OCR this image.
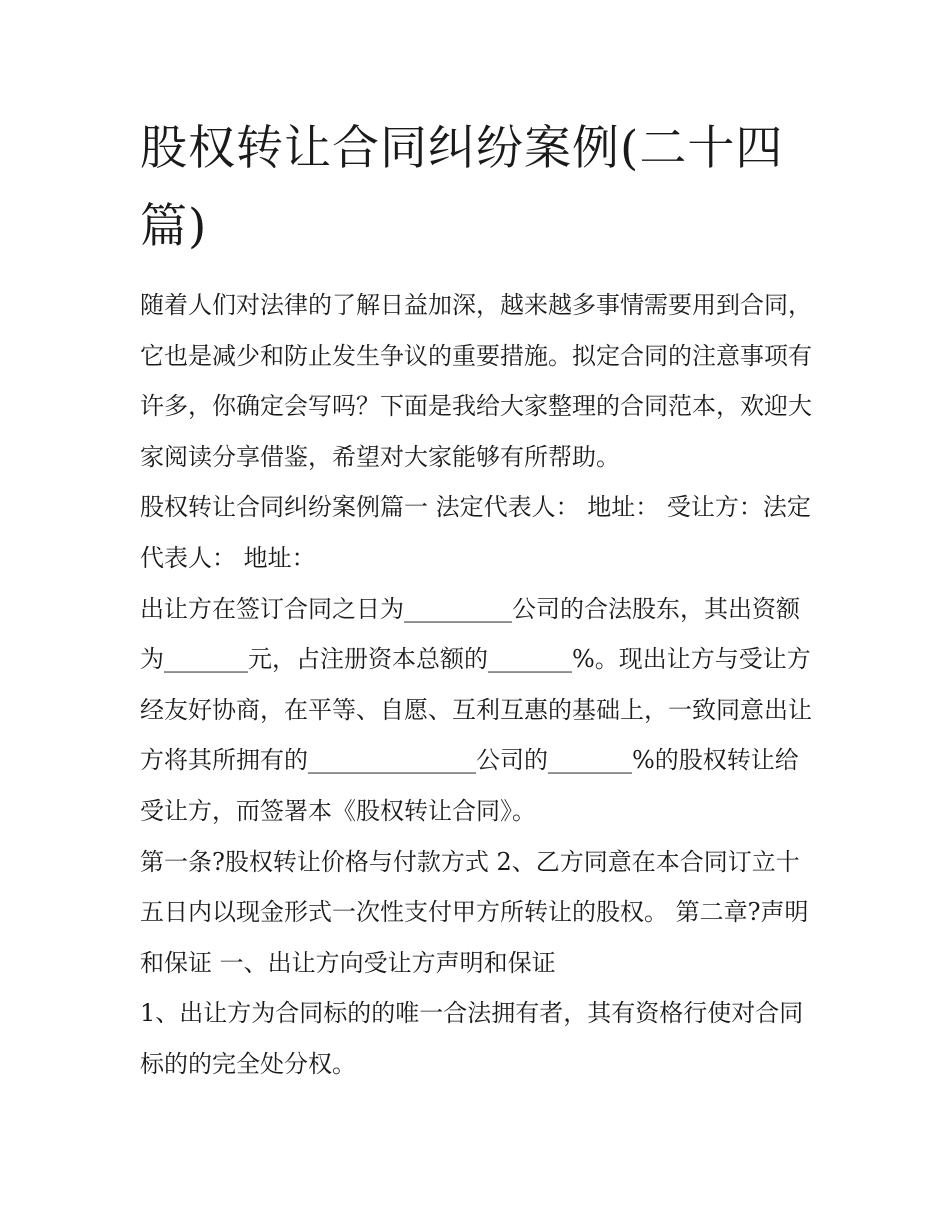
股权转让合同纠纷案例(二十四篇)

随着人们对法律的了解日益加深，越来越多事情需要用到合同，它也是减少和防止发生争议的重要措施。拟定合同的注意事项有许多，你确定会写吗？下面是我给大家整理的合同范本，欢迎大家阅读分享借鉴，希望对大家能够有所帮助。

股权转让合同纠纷案例篇一 法定代表人： 地址： 受让方：法定代表人： 地址：

出让方在签订合同之日为_________公司的合法股东，其出资额为_______元，占注册资本总额的_______%。现出让方与受让方经友好协商，在平等、自愿、互利互惠的基础上，一致同意出让方将其所拥有的______________公司的_______%的股权转让给受让方，而签署本《股权转让合同》。

第一条?股权转让价格与付款方式 2、乙方同意在本合同订立十五日内以现金形式一次性支付甲方所转让的股权。 第二章?声明和保证 一、出让方向受让方声明和保证

1、出让方为合同标的的唯一合法拥有者，其有资格行使对合同标的的完全处分权。
